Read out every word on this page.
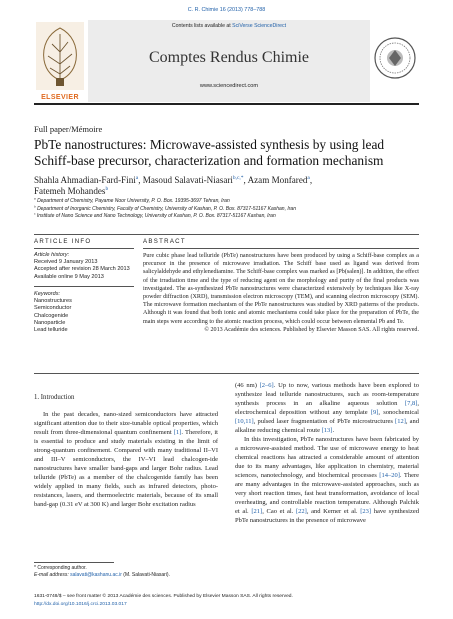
C. R. Chimie 16 (2013) 778–788
ELSEVIER
Contents lists available at SciVerse ScienceDirect
Comptes Rendus Chimie
www.sciencedirect.com
Full paper/Mémoire
PbTe nanostructures: Microwave-assisted synthesis by using lead Schiff-base precursor, characterization and formation mechanism
Shahla Ahmadian-Fard-Fini$^a$, Masoud Salavati-Niasari$^{b,c,*}$, Azam Monfared$^a$,
Fatemeh Mohandes$^b$
$^a$ Department of Chemistry, Payame Noor University, P. O. Box. 19395-3697 Tehran, Iran
$^b$ Department of Inorganic Chemistry, Faculty of Chemistry, University of Kashan, P. O. Box. 87317-51167 Kashan, Iran
$^c$ Institute of Nano Science and Nano Technology, University of Kashan, P. O. Box. 87317-51167 Kashan, Iran
ARTICLE INFO	ABSTRACT
Article history:
Received 9 January 2013
Accepted after revision 28 March 2013
Available online 9 May 2013
Keywords:
Nanostructures
Semiconductor
Chalcogenide
Nanoparticle
Lead telluride
Pure cubic phase lead telluride (PbTe) nanostructures have been produced by using a Schiff-base complex as a precursor in the presence of microwave irradiation. The Schiff base used as ligand was derived from salicylaldehyde and ethylenediamine. The Schiff-base complex was marked as [Pb(salen)]. In addition, the effect of the irradiation time and the type of reducing agent on the morphology and purity of the final products was investigated. The as-synthesized PbTe nanostructures were characterized extensively by techniques like X-ray powder diffraction (XRD), transmission electron microscopy (TEM), and scanning electron microscopy (SEM). The microwave formation mechanism of the PbTe nanostructures was studied by XRD patterns of the products. Although it was found that both ionic and atomic mechanisms could take place for the preparation of PbTe, the main steps were according to the atomic reaction process, which could occur between elemental Pb and Te.
© 2013 Académie des sciences. Published by Elsevier Masson SAS. All rights reserved.
1. Introduction
In the past decades, nano-sized semiconductors have attracted significant attention due to their size-tunable optical properties, which result from three-dimensional quantum confinement [1]. Therefore, it is essential to produce and study materials existing in the limit of strong-quantum confinement. Compared with many traditional II–VI and III–V semiconductors, the IV–VI lead chalcogen-ide nanostructures have smaller band-gaps and larger Bohr radius. Lead telluride (PbTe) as a member of the chalcogenide family has been widely applied in many fields, such as infrared detectors, photo-resistances, lasers, and thermoelectric materials, because of its small band-gap (0.31 eV at 300 K) and larger Bohr excitation radius
(46 nm) [2–6]. Up to now, various methods have been explored to synthesize lead telluride nanostructures, such as room-temperature synthesis process in an alkaline aqueous solution [7,8], electrochemical deposition without any template [9], sonochemical [10,11], pulsed laser fragmentation of PbTe microstructures [12], and alkaline reducing chemical route [13].
In this investigation, PbTe nanostructures have been fabricated by a microwave-assisted method. The use of microwave energy to heat chemical reactions has attracted a considerable amount of attention due to its many advantages, like application in chemistry, material sciences, nanotechnology, and biochemical processes [14–20]. There are many advantages in the microwave-assisted approaches, such as very short reaction times, fast heat transformation, avoidance of local overheating, and controllable reaction temperature. Although Palchik et al. [21], Cao et al. [22], and Kerner et al. [23] have synthesized PbTe nanostructures in the presence of microwave
* Corresponding author.
E-mail address: salavati@kashanu.ac.ir (M. Salavati-Niasari).
1631-0748/$ – see front matter © 2013 Académie des sciences. Published by Elsevier Masson SAS. All rights reserved.
http://dx.doi.org/10.1016/j.crci.2013.03.017
